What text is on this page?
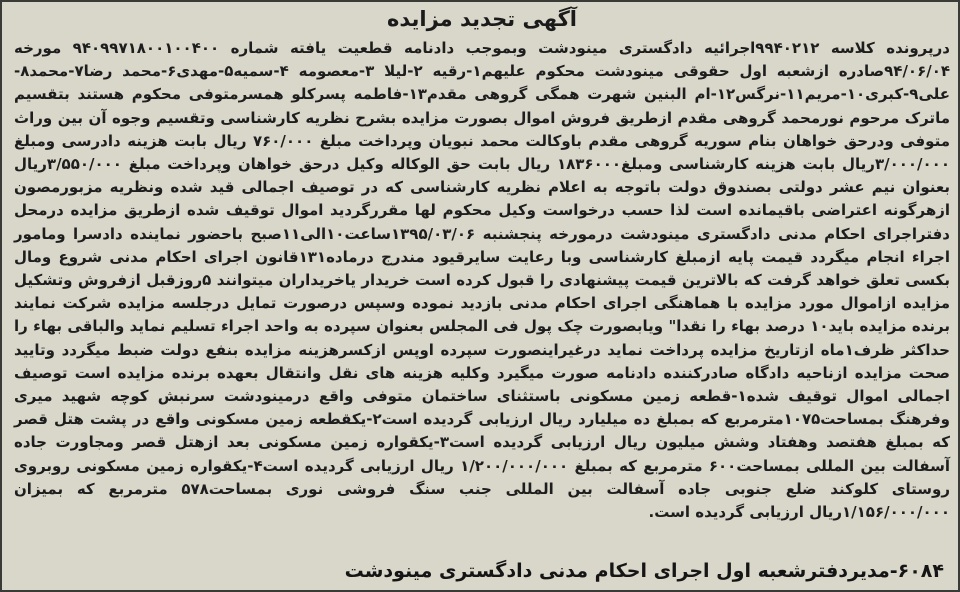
آگهی تجدید مزایده
درپرونده کلاسه ۹۹۴۰۲۱۲اجرائیه دادگستری مینودشت وبموجب دادنامه قطعیت یافته شماره ۹۴۰۹۹۷۱۸۰۰۱۰۰۴۰۰ مورخه ۹۴/۰۶/۰۴صادره ازشعبه اول حقوقی مینودشت محکوم علیهم۱-رقیه ۲-لیلا ۳-معصومه ۴-سمیه۵-مهدی۶-محمد رضا۷-محمد۸-علی۹-کبری۱۰-مریم۱۱-نرگس۱۲-ام البنین شهرت همگی گروهی مقدم۱۳-فاطمه پسرکلو همسرمتوفی محکوم هستند بتقسیم ماترک مرحوم نورمحمد گروهی مقدم ازطریق فروش اموال بصورت مزایده بشرح نظریه کارشناسی وتقسیم وجوه آن بین وراث متوفی ودرحق خواهان بنام سوریه گروهی مقدم باوکالت محمد نبویان وپرداخت مبلغ ۷۶۰/۰۰۰ ریال بابت هزینه دادرسی ومبلغ ۳/۰۰۰/۰۰۰ریال بابت هزینه کارشناسی ومبلغ۱۸۳۶۰۰۰ ریال بابت حق الوکاله وکیل درحق خواهان وپرداخت مبلغ ۳/۵۵۰/۰۰۰ریال بعنوان نیم عشر دولتی بصندوق دولت باتوجه به اعلام نظریه کارشناسی که در توصیف اجمالی قید شده ونظریه مزبورمصون ازهرگونه اعتراضی باقیمانده است لذا حسب درخواست وکیل محکوم لها مقررگردید اموال توقیف شده ازطریق مزایده درمحل دفتراجرای احکام مدنی دادگستری مینودشت درمورخه پنجشنبه ۱۳۹۵/۰۳/۰۶ساعت۱۰الی۱۱صبح باحضور نماینده دادسرا ومامور اجراء انجام میگردد قیمت پایه ازمبلغ کارشناسی وبا رعایت سایرقیود مندرج درماده۱۳۱قانون اجرای احکام مدنی شروع ومال بکسی تعلق خواهد گرفت که بالاترین قیمت پیشنهادی را قبول کرده است خریدار یاخریداران میتوانند ۵روزقبل ازفروش وتشکیل مزایده ازاموال مورد مزایده با هماهنگی اجرای احکام مدنی بازدید نموده وسپس درصورت تمایل درجلسه مزایده شرکت نمایند برنده مزایده باید۱۰ درصد بهاء را نقدا" ویابصورت چک پول فی المجلس بعنوان سپرده به واحد اجراء تسلیم نماید والباقی بهاء را حداکثر ظرف۱ماه ازتاریخ مزایده پرداخت نماید درغیراینصورت سپرده اوپس ازکسرهزینه مزایده بنفع دولت ضبط میگردد وتایید صحت مزایده ازناحیه دادگاه صادرکننده دادنامه صورت میگیرد وکلیه هزینه های نقل وانتقال بعهده برنده مزایده است توصیف اجمالی اموال توقیف شده۱-قطعه زمین مسکونی باستثنای ساختمان متوفی واقع درمینودشت سرنبش کوچه شهید میری وفرهنگ بمساحت۱۰۷۵مترمربع که بمبلغ ده میلیارد ریال ارزیابی گردیده است۲-یکقطعه زمین مسکونی واقع در پشت هتل قصر که بمبلغ هفتصد وهفتاد وشش میلیون ریال ارزیابی گردیده است۳-یکقواره زمین مسکونی بعد ازهتل قصر ومجاورت جاده آسفالت بین المللی بمساحت۶۰۰ مترمربع که بمبلغ ۱/۲۰۰/۰۰۰/۰۰۰ ریال ارزیابی گردیده است۴-یکقواره زمین مسکونی روبروی روستای کلوکند ضلع جنوبی جاده آسفالت بین المللی جنب سنگ فروشی نوری بمساحت۵۷۸ مترمربع که بمیزان ۱/۱۵۶/۰۰۰/۰۰۰ریال ارزیابی گردیده است.
۶۰۸۴-مدیردفترشعبه اول اجرای احکام مدنی دادگستری مینودشت
